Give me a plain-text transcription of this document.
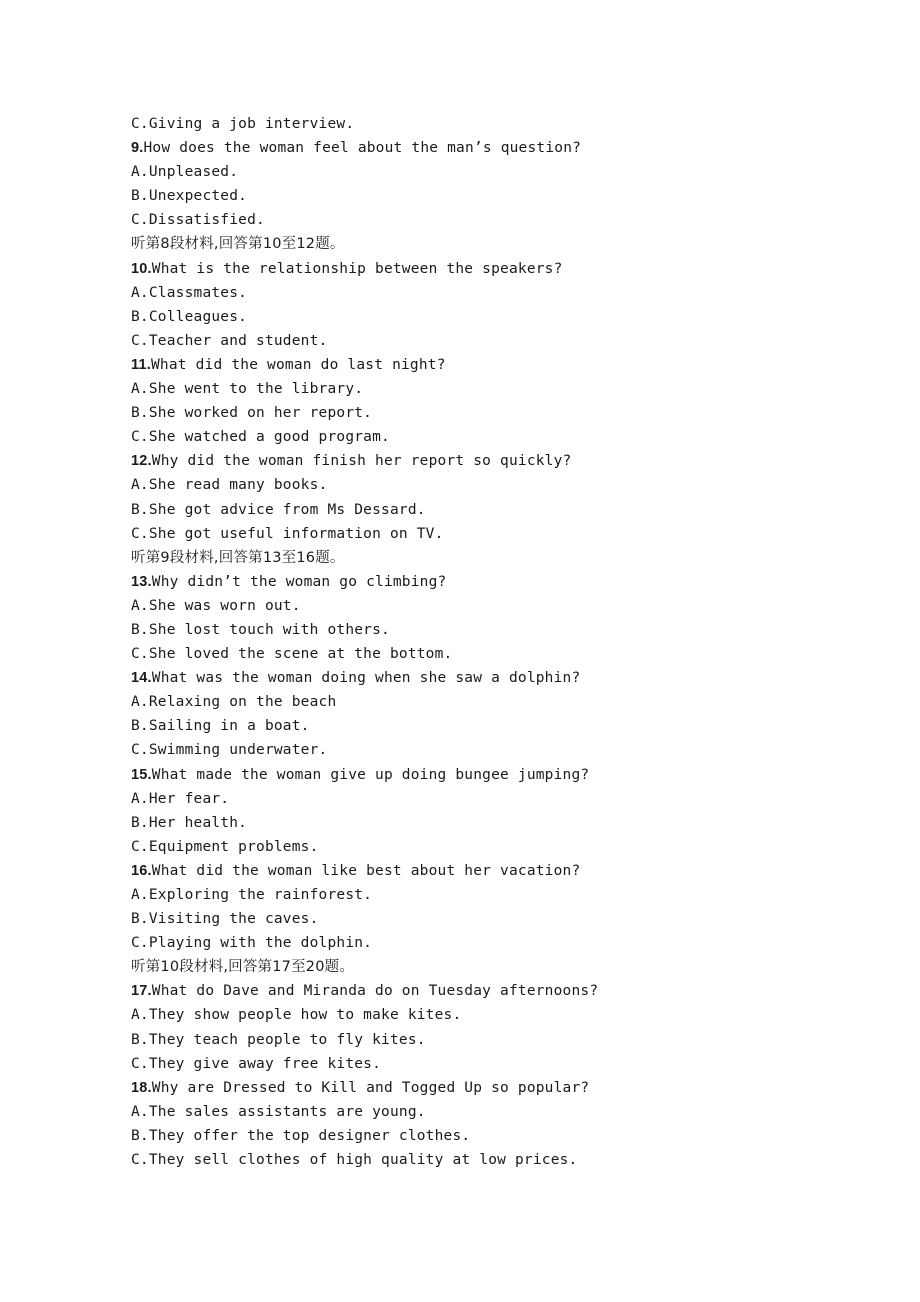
C.Giving a job interview.
9.How does the woman feel about the man’s question?
A.Unpleased.
B.Unexpected.
C.Dissatisfied.
听第8段材料,回答第10至12题。
10.What is the relationship between the speakers?
A.Classmates.
B.Colleagues.
C.Teacher and student.
11.What did the woman do last night?
A.She went to the library.
B.She worked on her report.
C.She watched a good program.
12.Why did the woman finish her report so quickly?
A.She read many books.
B.She got advice from Ms Dessard.
C.She got useful information on TV.
听第9段材料,回答第13至16题。
13.Why didn’t the woman go climbing?
A.She was worn out.
B.She lost touch with others.
C.She loved the scene at the bottom.
14.What was the woman doing when she saw a dolphin?
A.Relaxing on the beach
B.Sailing in a boat.
C.Swimming underwater.
15.What made the woman give up doing bungee jumping?
A.Her fear.
B.Her health.
C.Equipment problems.
16.What did the woman like best about her vacation?
A.Exploring the rainforest.
B.Visiting the caves.
C.Playing with the dolphin.
听第10段材料,回答第17至20题。
17.What do Dave and Miranda do on Tuesday afternoons?
A.They show people how to make kites.
B.They teach people to fly kites.
C.They give away free kites.
18.Why are Dressed to Kill and Togged Up so popular?
A.The sales assistants are young.
B.They offer the top designer clothes.
C.They sell clothes of high quality at low prices.
